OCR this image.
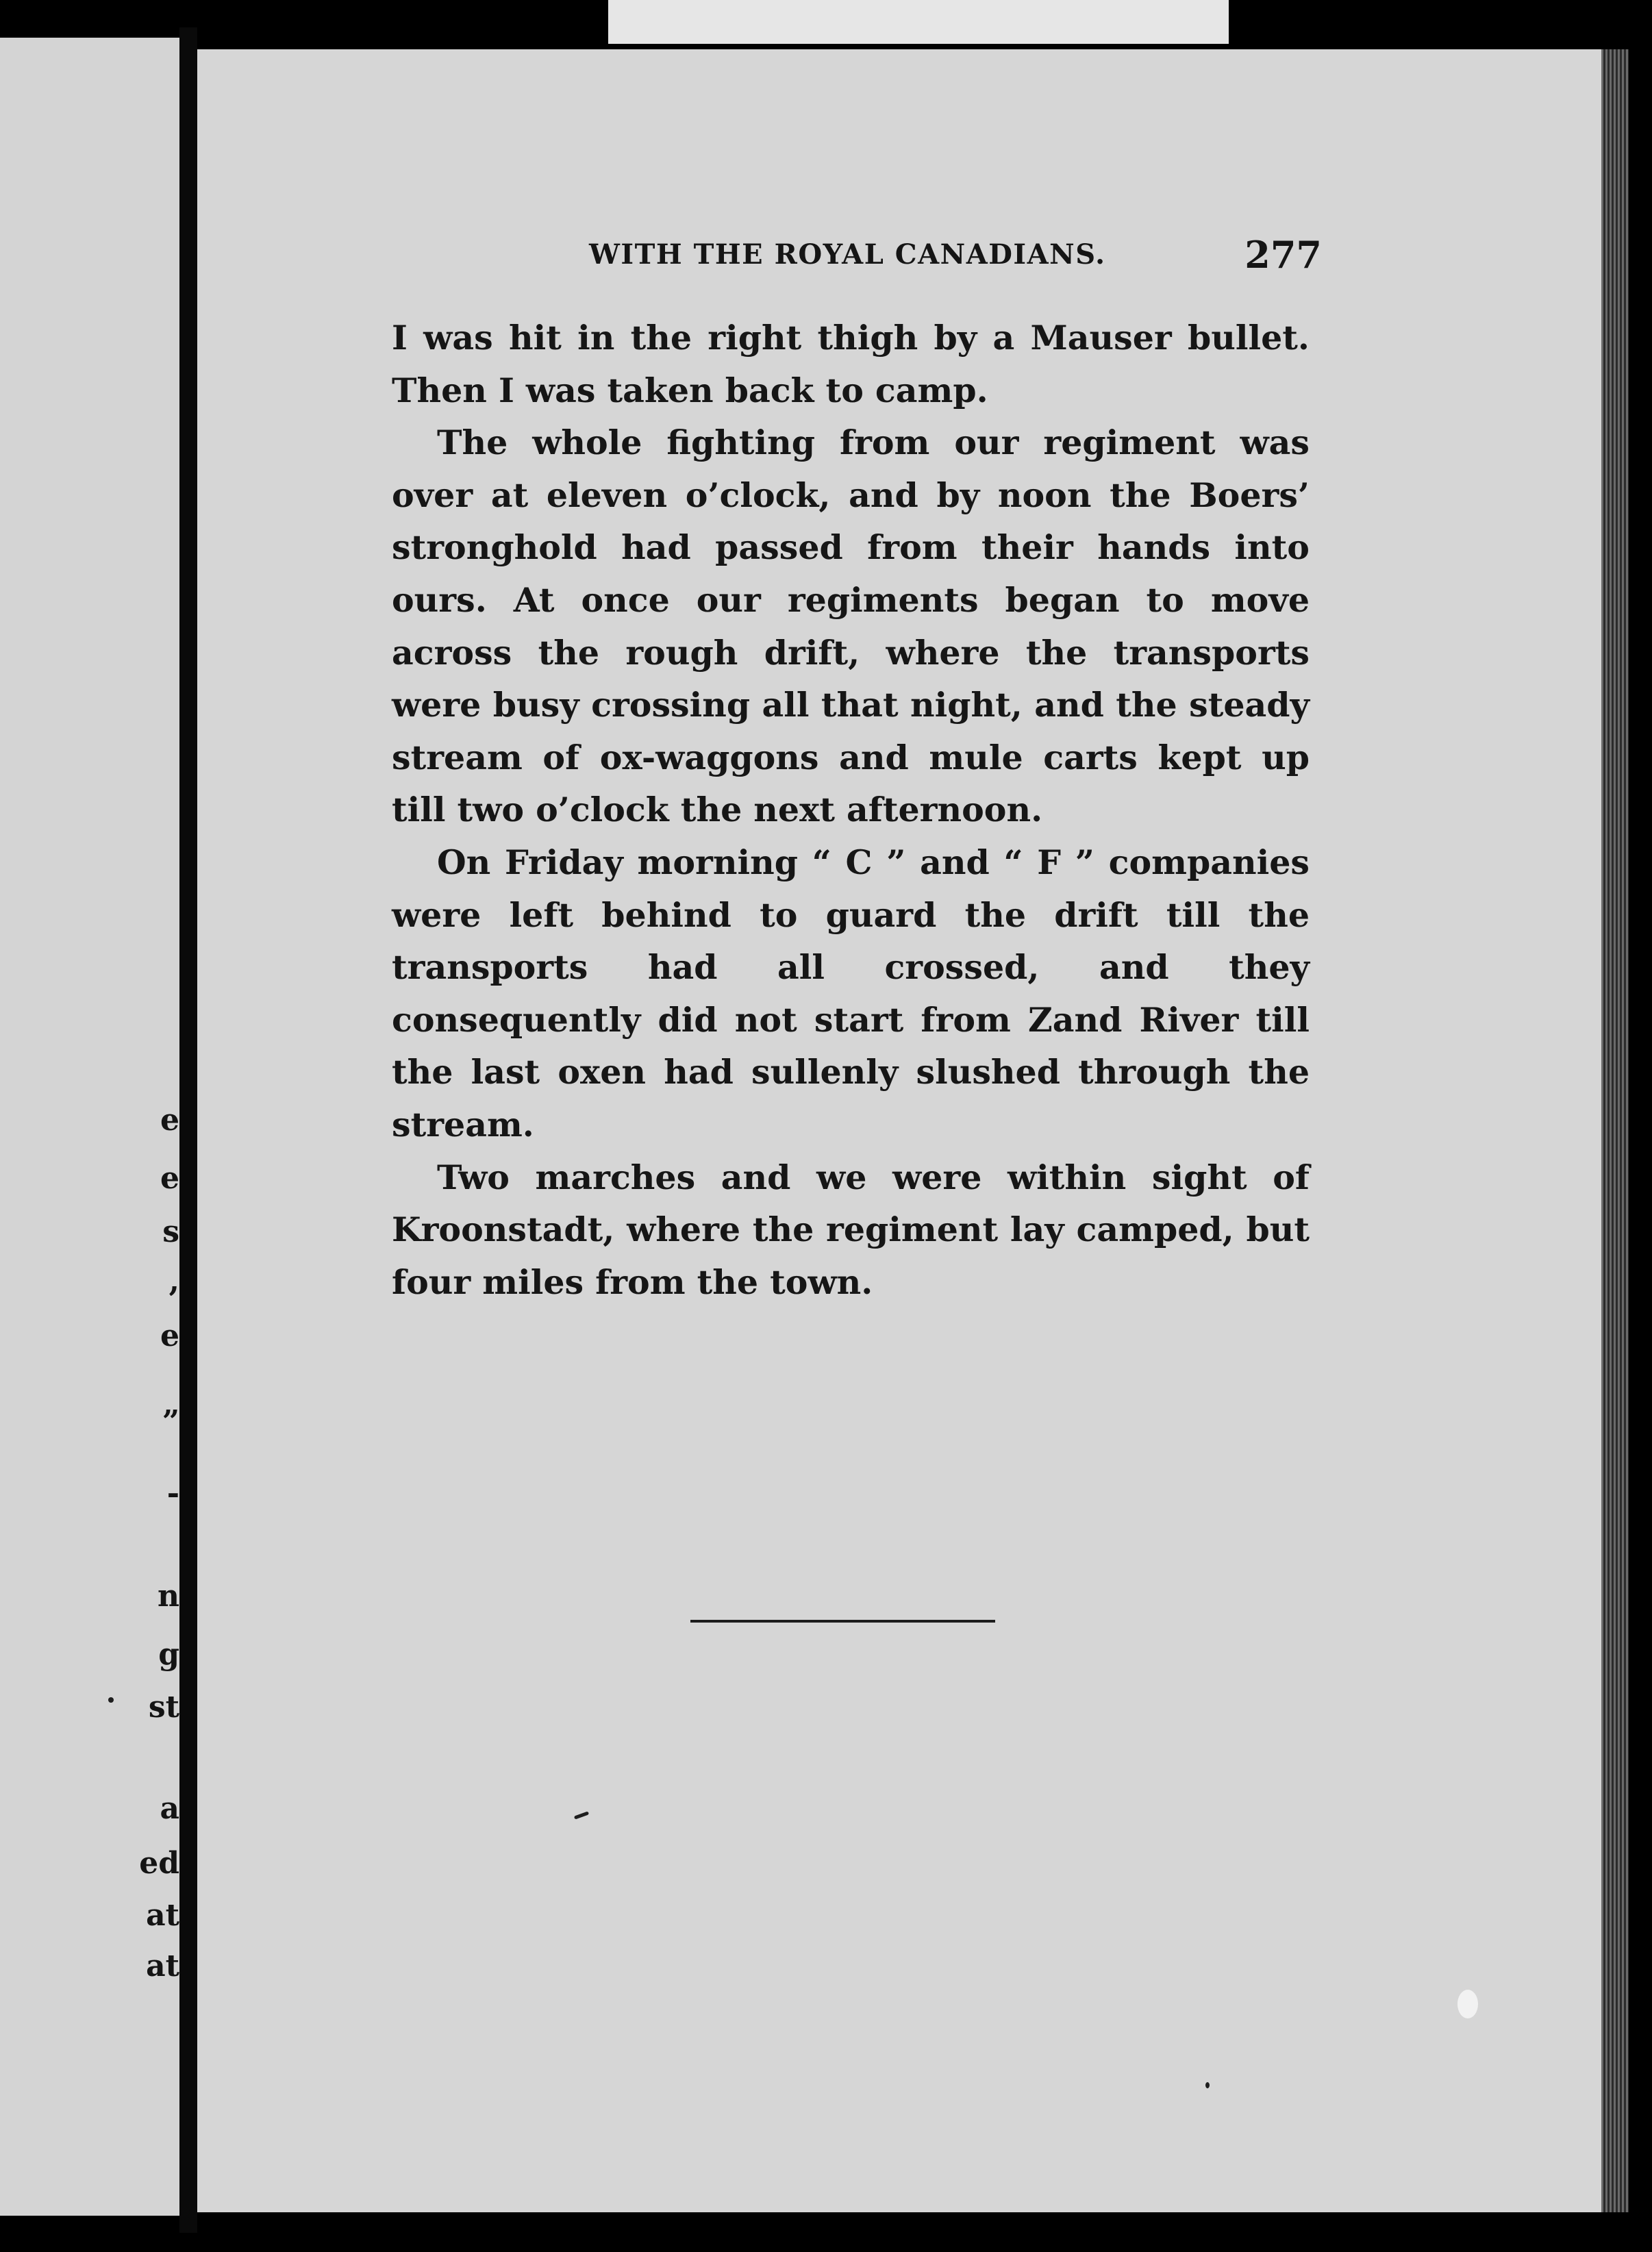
e
e
s
,
e
”
-
n
g
st
a
ed
at
at
WITH THE ROYAL CANADIANS.	277

I was hit in the right thigh by a Mauser bullet. Then I was taken back to camp.

The whole fighting from our regiment was over at eleven o’clock, and by noon the Boers’ stronghold had passed from their hands into ours. At once our regiments began to move across the rough drift, where the transports were busy crossing all that night, and the steady stream of ox-waggons and mule carts kept up till two o’clock the next afternoon.

On Friday morning “ C ” and “ F ” companies were left behind to guard the drift till the transports had all crossed, and they consequently did not start from Zand River till the last oxen had sullenly slushed through the stream.

Two marches and we were within sight of Kroonstadt, where the regiment lay camped, but four miles from the town.
